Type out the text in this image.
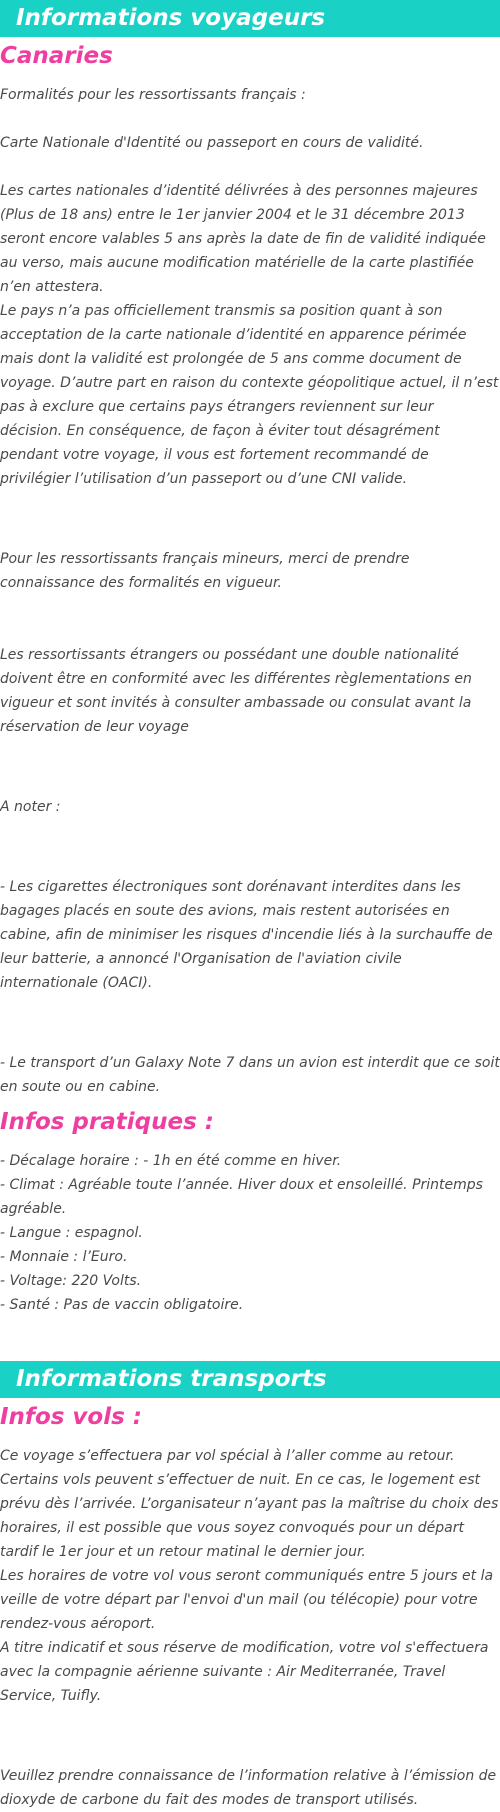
Informations voyageurs
Canaries

Formalités pour les ressortissants français :

Carte Nationale d'Identité ou passeport en cours de validité.

Les cartes nationales d’identité délivrées à des personnes majeures (Plus de 18 ans) entre le 1er janvier 2004 et le 31 décembre 2013 seront encore valables 5 ans après la date de fin de validité indiquée au verso, mais aucune modification matérielle de la carte plastifiée n’en attestera.

Le pays n’a pas officiellement transmis sa position quant à son acceptation de la carte nationale d’identité en apparence périmée mais dont la validité est prolongée de 5 ans comme document de voyage. D’autre part en raison du contexte géopolitique actuel, il n’est pas à exclure que certains pays étrangers reviennent sur leur décision. En conséquence, de façon à éviter tout désagrément pendant votre voyage, il vous est fortement recommandé de privilégier l’utilisation d’un passeport ou d’une CNI valide.

Pour les ressortissants français mineurs, merci de prendre connaissance des formalités en vigueur.

Les ressortissants étrangers ou possédant une double nationalité doivent être en conformité avec les différentes règlementations en vigueur et sont invités à consulter ambassade ou consulat avant la réservation de leur voyage

A noter :

- Les cigarettes électroniques sont dorénavant interdites dans les bagages placés en soute des avions, mais restent autorisées en cabine, afin de minimiser les risques d'incendie liés à la surchauffe de leur batterie, a annoncé l'Organisation de l'aviation civile internationale (OACI).

- Le transport d’un Galaxy Note 7 dans un avion est interdit que ce soit en soute ou en cabine.

Infos pratiques :

- Décalage horaire : - 1h en été comme en hiver.

- Climat : Agréable toute l’année. Hiver doux et ensoleillé. Printemps agréable.

- Langue : espagnol.

- Monnaie : l’Euro.

- Voltage: 220 Volts.

- Santé : Pas de vaccin obligatoire.

Informations transports
Infos vols :

Ce voyage s’effectuera par vol spécial à l’aller comme au retour. Certains vols peuvent s’effectuer de nuit. En ce cas, le logement est prévu dès l’arrivée. L’organisateur n’ayant pas la maîtrise du choix des horaires, il est possible que vous soyez convoqués pour un départ tardif le 1er jour et un retour matinal le dernier jour.

Les horaires de votre vol vous seront communiqués entre 5 jours et la veille de votre départ par l'envoi d'un mail (ou télécopie) pour votre rendez-vous aéroport.

A titre indicatif et sous réserve de modification, votre vol s'effectuera avec la compagnie aérienne suivante : Air Mediterranée, Travel Service, Tuifly.

Veuillez prendre connaissance de l’information relative à l’émission de dioxyde de carbone du fait des modes de transport utilisés.
